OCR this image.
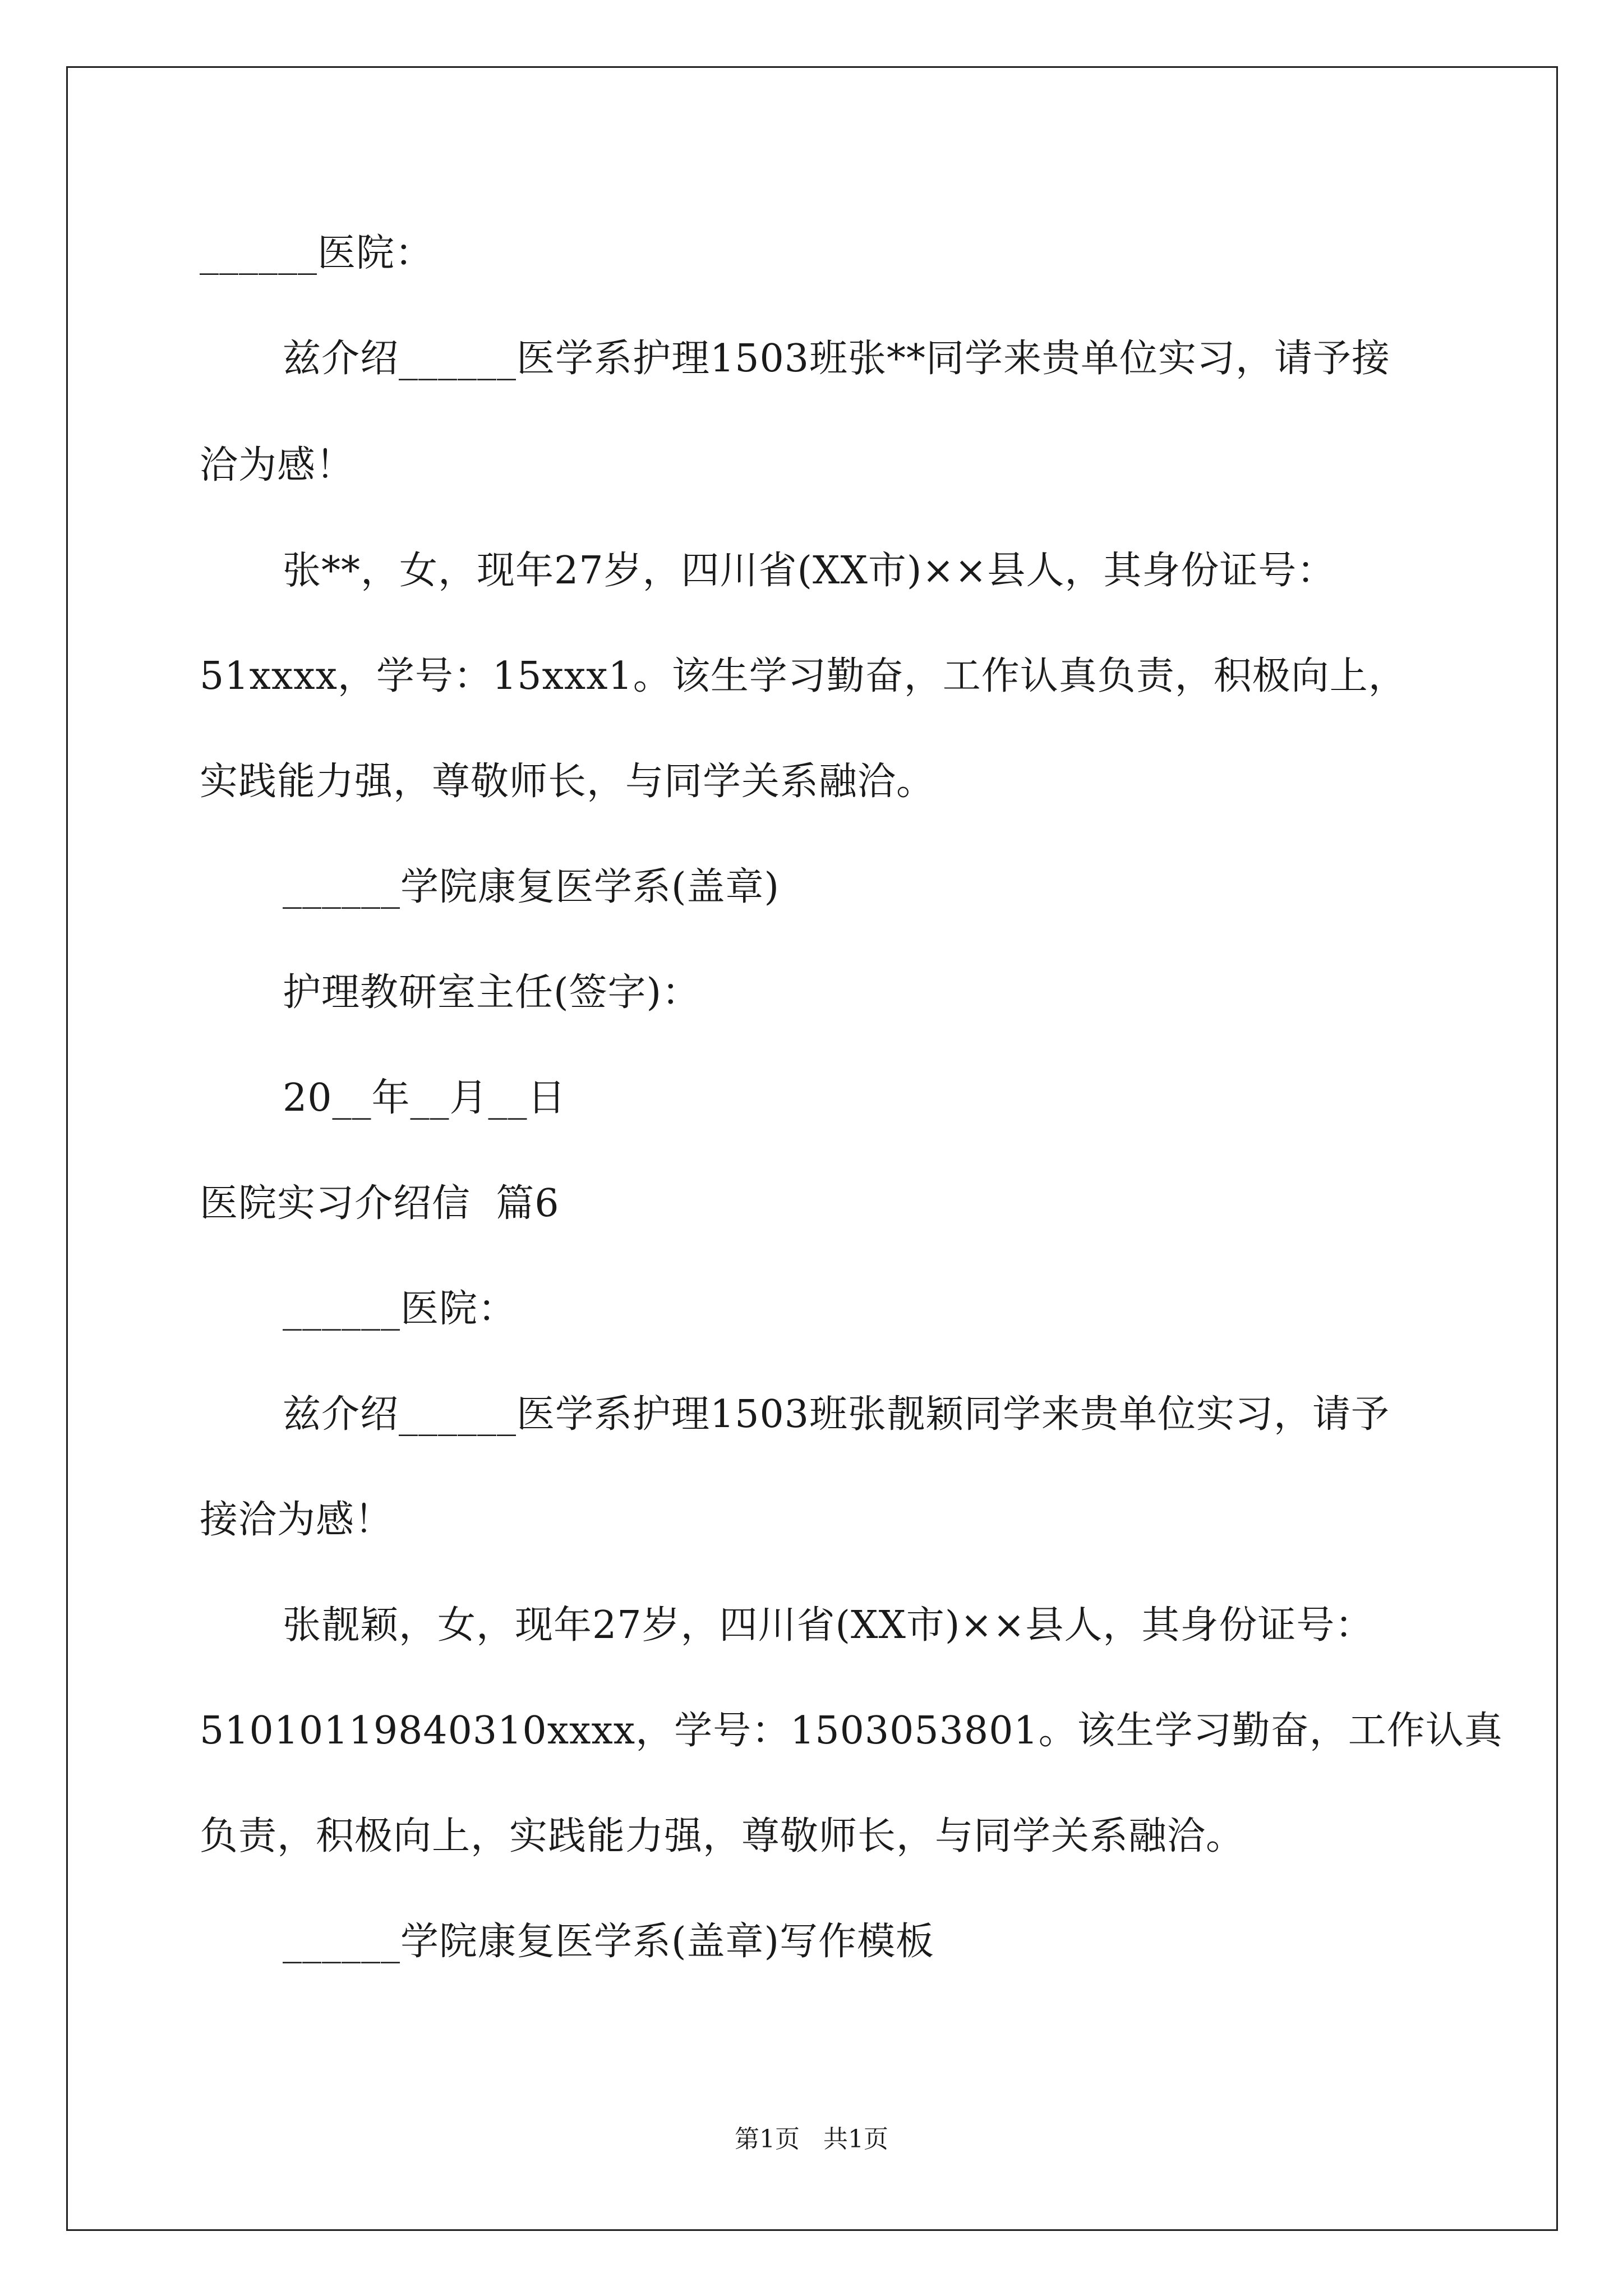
______医院：
兹介绍______医学系护理1503班张**同学来贵单位实习，请予接
洽为感！
张**，女，现年27岁，四川省(XX市)××县人，其身份证号：
51xxxx，学号：15xxx1。该生学习勤奋，工作认真负责，积极向上，
实践能力强，尊敬师长，与同学关系融洽。
______学院康复医学系(盖章)
护理教研室主任(签字)：
20__年__月__日
医院实习介绍信  篇6
______医院：
兹介绍______医学系护理1503班张靓颖同学来贵单位实习，请予
接洽为感！
张靓颖，女，现年27岁，四川省(XX市)××县人，其身份证号：
51010119840310xxxx，学号：1503053801。该生学习勤奋，工作认真
负责，积极向上，实践能力强，尊敬师长，与同学关系融洽。
______学院康复医学系(盖章)写作模板
第1页   共1页
